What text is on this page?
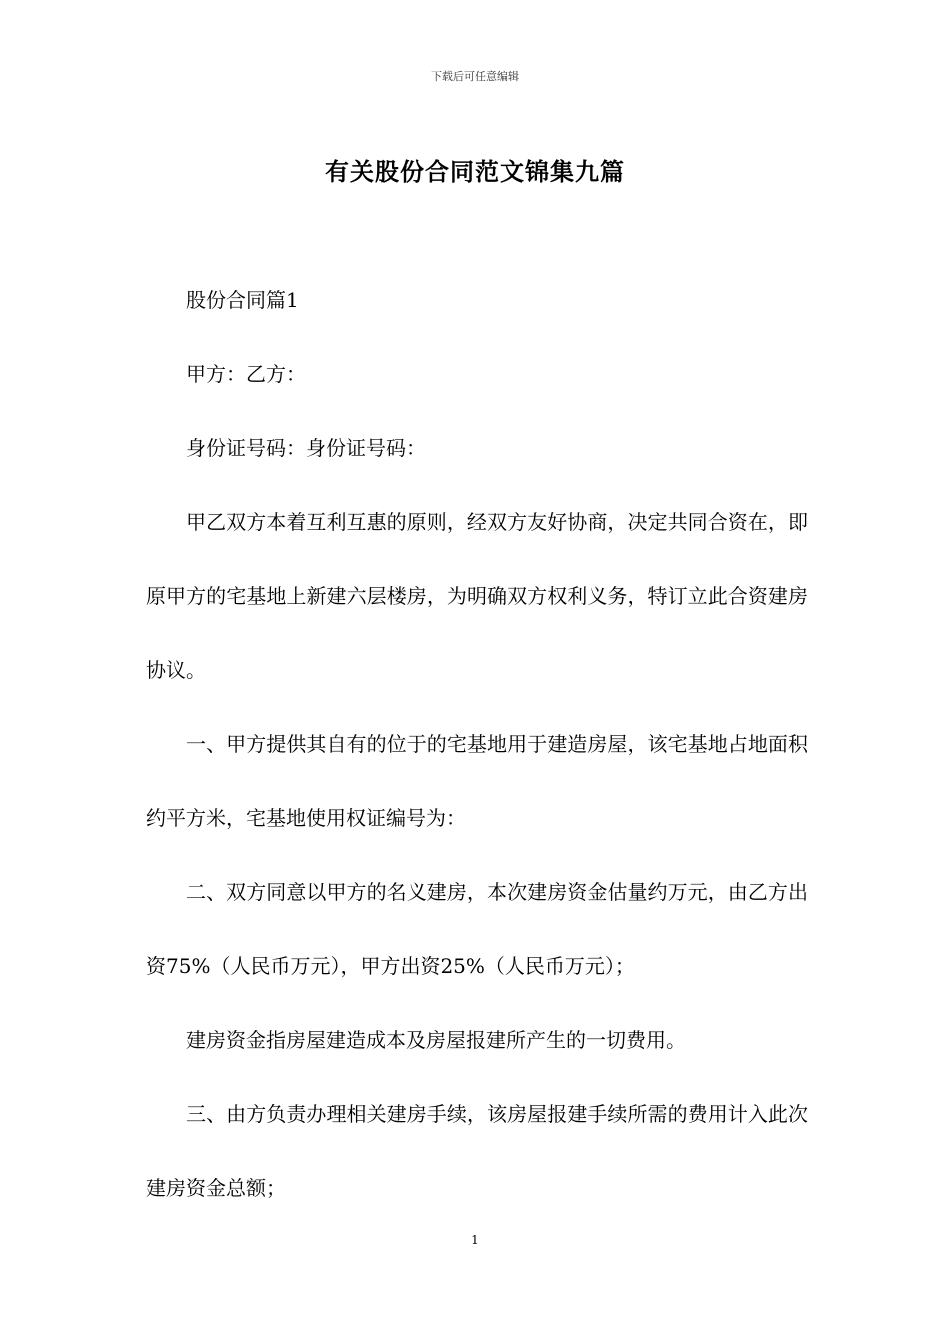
下载后可任意编辑
有关股份合同范文锦集九篇

股份合同篇1

甲方：乙方：

身份证号码：身份证号码：

甲乙双方本着互利互惠的原则，经双方友好协商，决定共同合资在，即原甲方的宅基地上新建六层楼房，为明确双方权利义务，特订立此合资建房协议。

一、甲方提供其自有的位于的宅基地用于建造房屋，该宅基地占地面积约平方米，宅基地使用权证编号为：

二、双方同意以甲方的名义建房，本次建房资金估量约万元，由乙方出资75%（人民币万元），甲方出资25%（人民币万元）；

建房资金指房屋建造成本及房屋报建所产生的一切费用。

三、由方负责办理相关建房手续，该房屋报建手续所需的费用计入此次建房资金总额；

1
